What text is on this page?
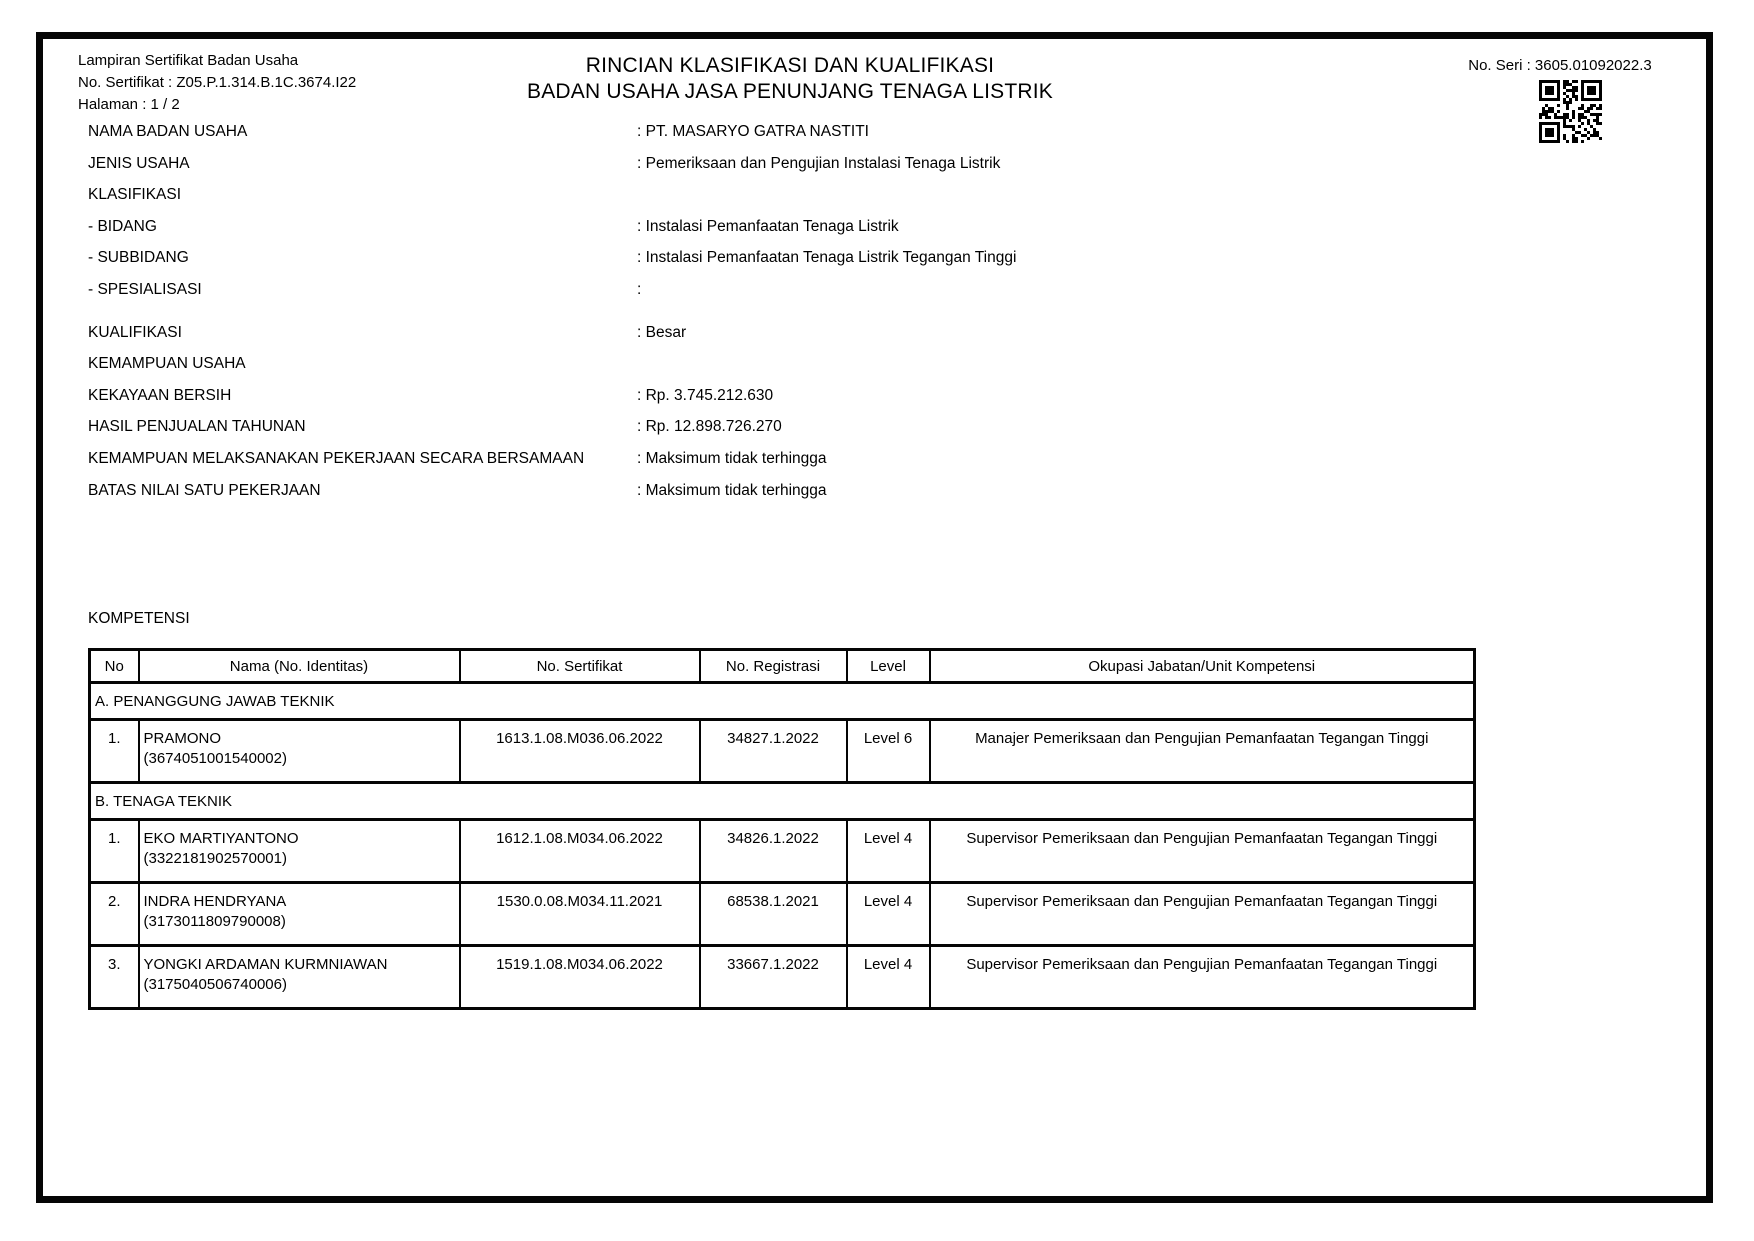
Lampiran Sertifikat Badan Usaha
No. Sertifikat : Z05.P.1.314.B.1C.3674.I22
Halaman : 1 / 2
RINCIAN KLASIFIKASI DAN KUALIFIKASI
BADAN USAHA JASA PENUNJANG TENAGA LISTRIK
No. Seri : 3605.01092022.3
NAMA BADAN USAHA	: PT. MASARYO GATRA NASTITI
JENIS USAHA	: Pemeriksaan dan Pengujian Instalasi Tenaga Listrik
KLASIFIKASI
- BIDANG	: Instalasi Pemanfaatan Tenaga Listrik
- SUBBIDANG	: Instalasi Pemanfaatan Tenaga Listrik Tegangan Tinggi
- SPESIALISASI	:
KUALIFIKASI	: Besar
KEMAMPUAN USAHA
KEKAYAAN BERSIH	: Rp. 3.745.212.630
HASIL PENJUALAN TAHUNAN	: Rp. 12.898.726.270
KEMAMPUAN MELAKSANAKAN PEKERJAAN SECARA BERSAMAAN	: Maksimum tidak terhingga
BATAS NILAI SATU PEKERJAAN	: Maksimum tidak terhingga
KOMPETENSI
No	Nama (No. Identitas)	No. Sertifikat	No. Registrasi	Level	Okupasi Jabatan/Unit Kompetensi
A. PENANGGUNG JAWAB TEKNIK					
1.	PRAMONO
(3674051001540002)	1613.1.08.M036.06.2022	34827.1.2022	Level 6	Manajer Pemeriksaan dan Pengujian Pemanfaatan Tegangan Tinggi
B. TENAGA TEKNIK					
1.	EKO MARTIYANTONO
(3322181902570001)	1612.1.08.M034.06.2022	34826.1.2022	Level 4	Supervisor Pemeriksaan dan Pengujian Pemanfaatan Tegangan Tinggi
2.	INDRA HENDRYANA
(3173011809790008)	1530.0.08.M034.11.2021	68538.1.2021	Level 4	Supervisor Pemeriksaan dan Pengujian Pemanfaatan Tegangan Tinggi
3.	YONGKI ARDAMAN KURMNIAWAN
(3175040506740006)	1519.1.08.M034.06.2022	33667.1.2022	Level 4	Supervisor Pemeriksaan dan Pengujian Pemanfaatan Tegangan Tinggi
